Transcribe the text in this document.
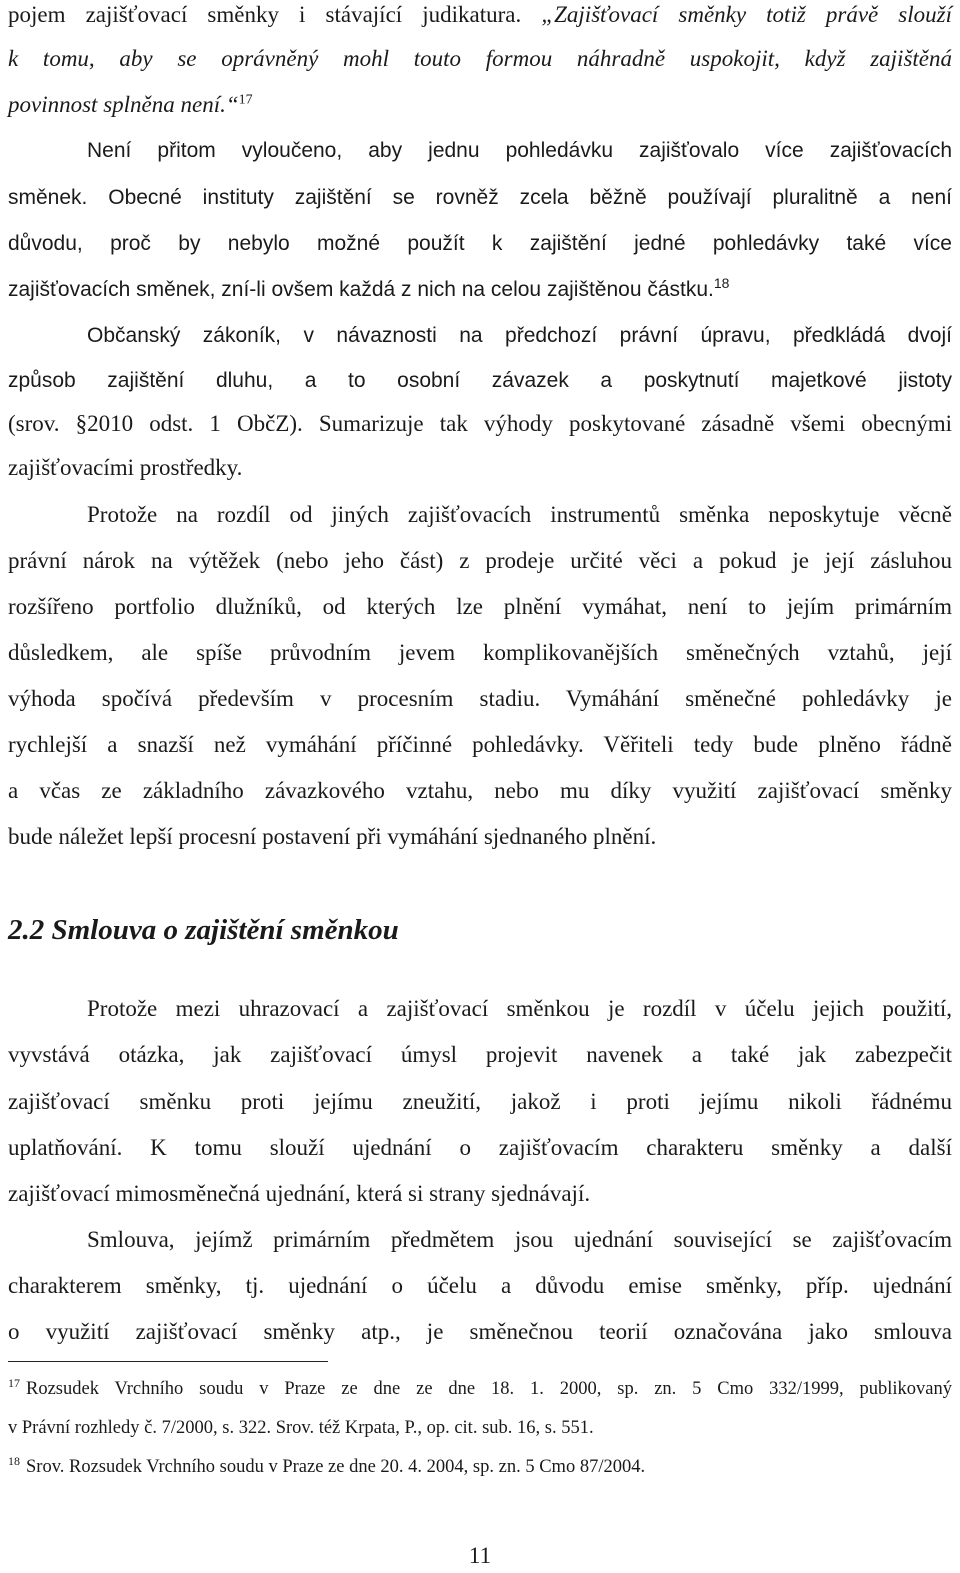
pojem zajišťovací směnky i stávající judikatura. „Zajišťovací směnky totiž právě slouží
k tomu, aby se oprávněný mohl touto formou náhradně uspokojit, když zajištěná
povinnost splněna není.“$^{17}$
Není přitom vyloučeno, aby jednu pohledávku zajišťovalo více zajišťovacích
směnek. Obecné instituty zajištění se rovněž zcela běžně používají pluralitně a není
důvodu, proč by nebylo možné použít k zajištění jedné pohledávky také více
zajišťovacích směnek, zní-li ovšem každá z nich na celou zajištěnou částku.$^{18}$
Občanský zákoník, v návaznosti na předchozí právní úpravu, předkládá dvojí
způsob zajištění dluhu, a to osobní závazek a poskytnutí majetkové jistoty
(srov. §2010 odst. 1 ObčZ). Sumarizuje tak výhody poskytované zásadně všemi obecnými
zajišťovacími prostředky.
Protože na rozdíl od jiných zajišťovacích instrumentů směnka neposkytuje věcně
právní nárok na výtěžek (nebo jeho část) z prodeje určité věci a pokud je její zásluhou
rozšířeno portfolio dlužníků, od kterých lze plnění vymáhat, není to jejím primárním
důsledkem, ale spíše průvodním jevem komplikovanějších směnečných vztahů, její
výhoda spočívá především v procesním stadiu. Vymáhání směnečné pohledávky je
rychlejší a snazší než vymáhání příčinné pohledávky. Věřiteli tedy bude plněno řádně
a včas ze základního závazkového vztahu, nebo mu díky využití zajišťovací směnky
bude náležet lepší procesní postavení při vymáhání sjednaného plnění.
2.2 Smlouva o zajištění směnkou
Protože mezi uhrazovací a zajišťovací směnkou je rozdíl v účelu jejich použití,
vyvstává otázka, jak zajišťovací úmysl projevit navenek a také jak zabezpečit
zajišťovací směnku proti jejímu zneužití, jakož i proti jejímu nikoli řádnému
uplatňování. K tomu slouží ujednání o zajišťovacím charakteru směnky a další
zajišťovací mimosměnečná ujednání, která si strany sjednávají.
Smlouva, jejímž primárním předmětem jsou ujednání související se zajišťovacím
charakterem směnky, tj. ujednání o účelu a důvodu emise směnky, příp. ujednání
o využití zajišťovací směnky atp., je směnečnou teorií označována jako smlouva
$^{17}$ Rozsudek Vrchního soudu v Praze ze dne ze dne 18. 1. 2000, sp. zn. 5 Cmo 332/1999, publikovaný
v Právní rozhledy č. 7/2000, s. 322. Srov. též Krpata, P., op. cit. sub. 16, s. 551.
$^{18}$ Srov. Rozsudek Vrchního soudu v Praze ze dne 20. 4. 2004, sp. zn. 5 Cmo 87/2004.
11
